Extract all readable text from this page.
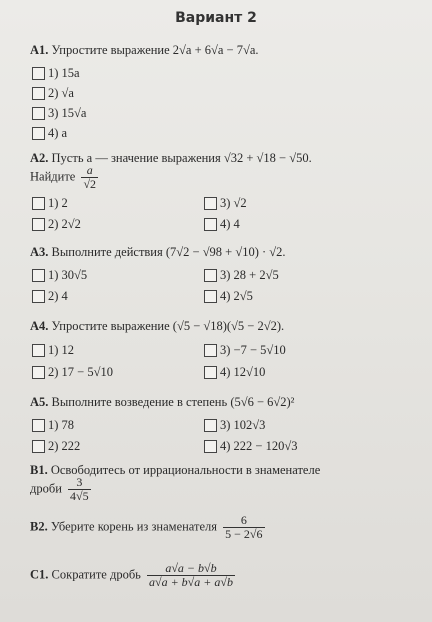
Вариант 2
А1. Упростите выражение 2√a + 6√a − 7√a.
1) 15a
2) √a
3) 15√a
4) a
А2. Пусть a — значение выражения √32 + √18 − √50.
Найдите $\frac{a}{√2}$
1) 2
2) 2√2
3) √2
4) 4
А3. Выполните действия (7√2 − √98 + √10) · √2.
1) 30√5
2) 4
3) 28 + 2√5
4) 2√5
А4. Упростите выражение (√5 − √18)(√5 − 2√2).
1) 12
2) 17 − 5√10
3) −7 − 5√10
4) 12√10
А5. Выполните возведение в степень (5√6 − 6√2)²
1) 78
2) 222
3) 102√3
4) 222 − 120√3
В1. Освободитесь от иррациональности в знаменателе
дроби $\frac{3}{4√5}$
В2. Уберите корень из знаменателя $\frac{6}{5 - 2√6}$
С1. Сократите дробь $\frac{a√a - b√b}{a√a + b√a + a√b}$
